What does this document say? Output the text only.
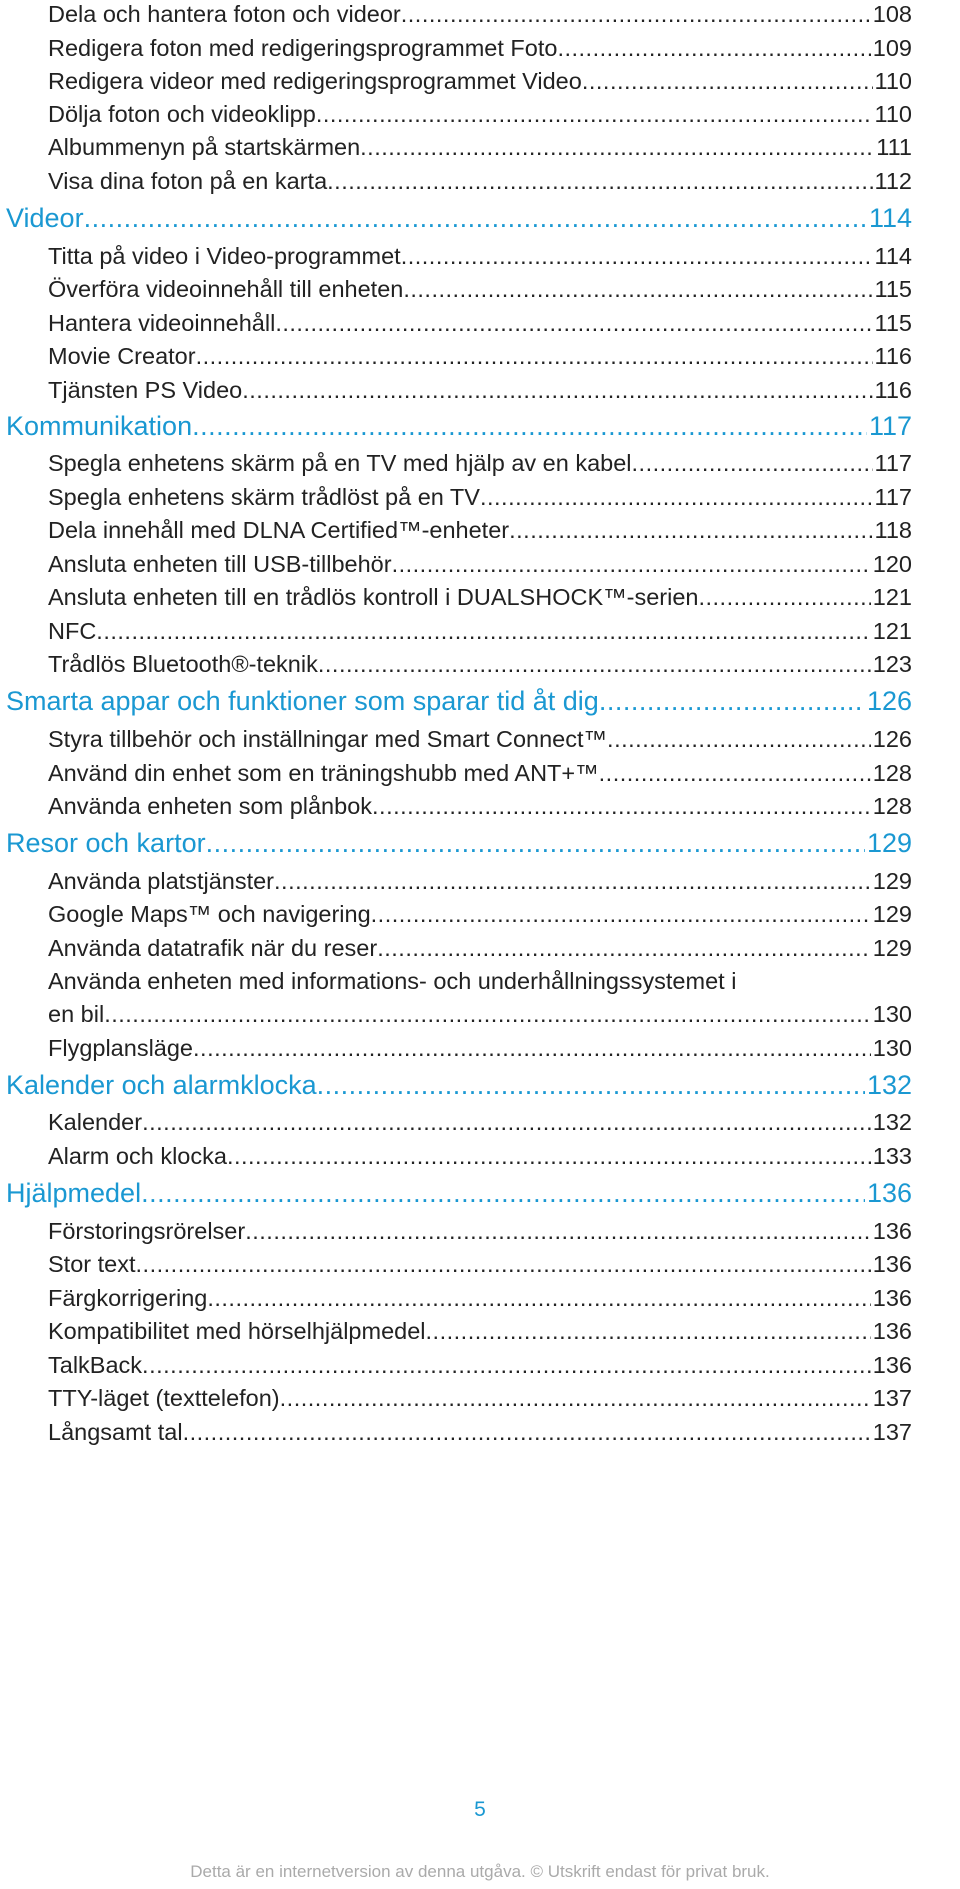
Dela och hantera foton och videor .....	108
Redigera foton med redigeringsprogrammet Foto .....	109
Redigera videor med redigeringsprogrammet Video .....	110
Dölja foton och videoklipp .....	110
Albummenyn på startskärmen .....	111
Visa dina foton på en karta .....	112
Videor .....	114
Titta på video i Video-programmet .....	114
Överföra videoinnehåll till enheten .....	115
Hantera videoinnehåll .....	115
Movie Creator .....	116
Tjänsten PS Video .....	116
Kommunikation .....	117
Spegla enhetens skärm på en TV med hjälp av en kabel .....	117
Spegla enhetens skärm trådlöst på en TV .....	117
Dela innehåll med DLNA Certified™-enheter .....	118
Ansluta enheten till USB-tillbehör .....	120
Ansluta enheten till en trådlös kontroll i DUALSHOCK™-serien .....	121
NFC .....	121
Trådlös Bluetooth®-teknik .....	123
Smarta appar och funktioner som sparar tid åt dig .....	126
Styra tillbehör och inställningar med Smart Connect™ .....	126
Använd din enhet som en träningshubb med ANT+™ .....	128
Använda enheten som plånbok .....	128
Resor och kartor .....	129
Använda platstjänster .....	129
Google Maps™ och navigering .....	129
Använda datatrafik när du reser .....	129
Använda enheten med informations- och underhållningssystemet i
en bil .....	130
Flygplansläge .....	130
Kalender och alarmklocka .....	132
Kalender .....	132
Alarm och klocka .....	133
Hjälpmedel .....	136
Förstoringsrörelser .....	136
Stor text .....	136
Färgkorrigering .....	136
Kompatibilitet med hörselhjälpmedel .....	136
TalkBack .....	136
TTY-läget (texttelefon) .....	137
Långsamt tal .....	137
5
Detta är en internetversion av denna utgåva. © Utskrift endast för privat bruk.
